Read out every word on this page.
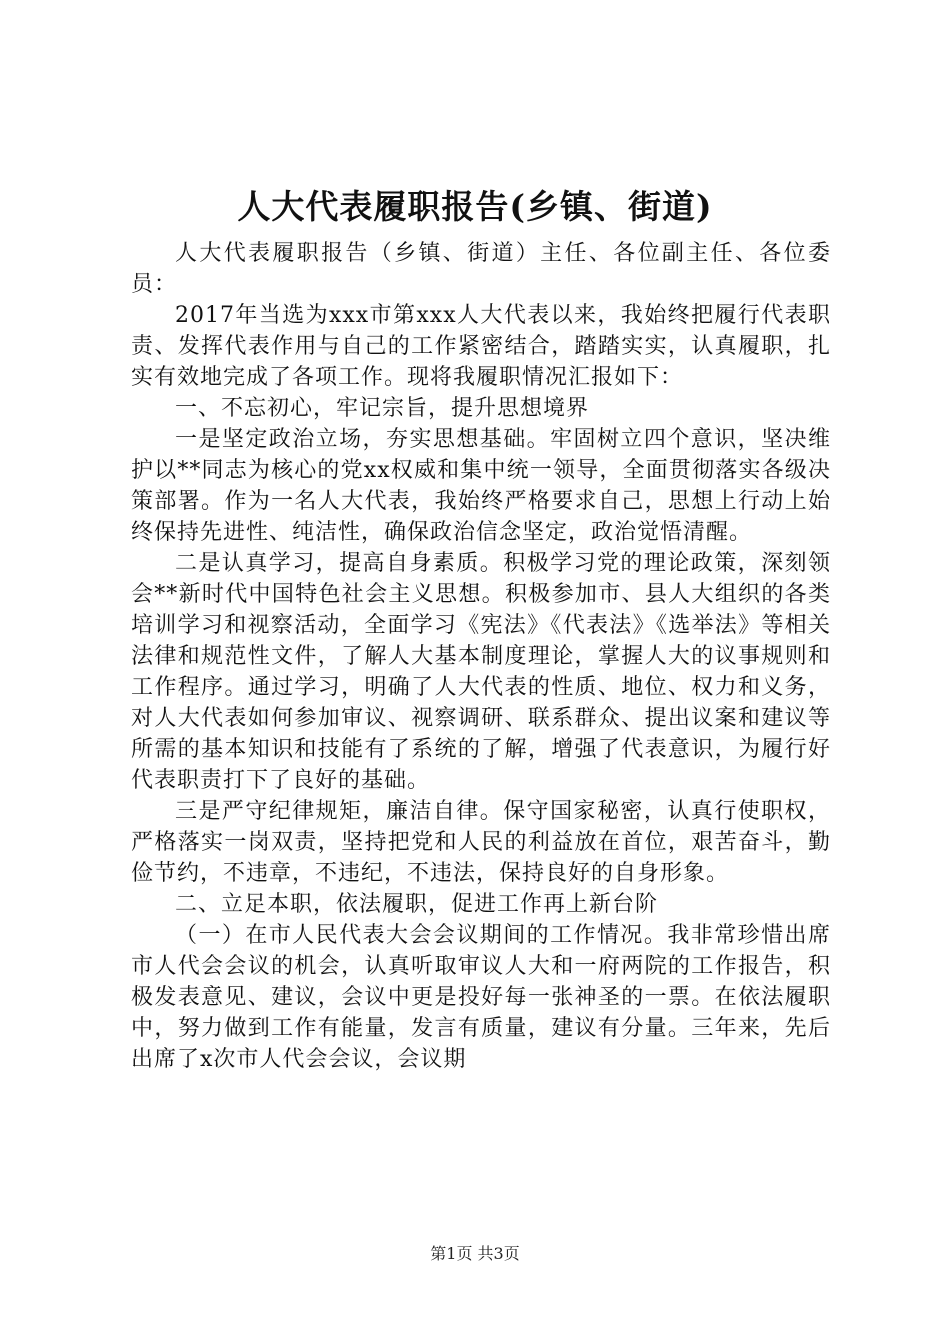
人大代表履职报告(乡镇、街道)

人大代表履职报告（乡镇、街道）主任、各位副主任、各位委员：

2017年当选为xxx市第xxx人大代表以来，我始终把履行代表职责、发挥代表作用与自己的工作紧密结合，踏踏实实，认真履职，扎实有效地完成了各项工作。现将我履职情况汇报如下：

一、不忘初心，牢记宗旨，提升思想境界

一是坚定政治立场，夯实思想基础。牢固树立四个意识，坚决维护以**同志为核心的党xx权威和集中统一领导，全面贯彻落实各级决策部署。作为一名人大代表，我始终严格要求自己，思想上行动上始终保持先进性、纯洁性，确保政治信念坚定，政治觉悟清醒。

二是认真学习，提高自身素质。积极学习党的理论政策，深刻领会**新时代中国特色社会主义思想。积极参加市、县人大组织的各类培训学习和视察活动，全面学习《宪法》《代表法》《选举法》等相关法律和规范性文件，了解人大基本制度理论，掌握人大的议事规则和工作程序。通过学习，明确了人大代表的性质、地位、权力和义务，对人大代表如何参加审议、视察调研、联系群众、提出议案和建议等所需的基本知识和技能有了系统的了解，增强了代表意识，为履行好代表职责打下了良好的基础。

三是严守纪律规矩，廉洁自律。保守国家秘密，认真行使职权，严格落实一岗双责，坚持把党和人民的利益放在首位，艰苦奋斗，勤俭节约，不违章，不违纪，不违法，保持良好的自身形象。

二、立足本职，依法履职，促进工作再上新台阶

（一）在市人民代表大会会议期间的工作情况。我非常珍惜出席市人代会会议的机会，认真听取审议人大和一府两院的工作报告，积极发表意见、建议，会议中更是投好每一张神圣的一票。在依法履职中，努力做到工作有能量，发言有质量，建议有分量。三年来，先后出席了x次市人代会会议，会议期

第1页 共3页
